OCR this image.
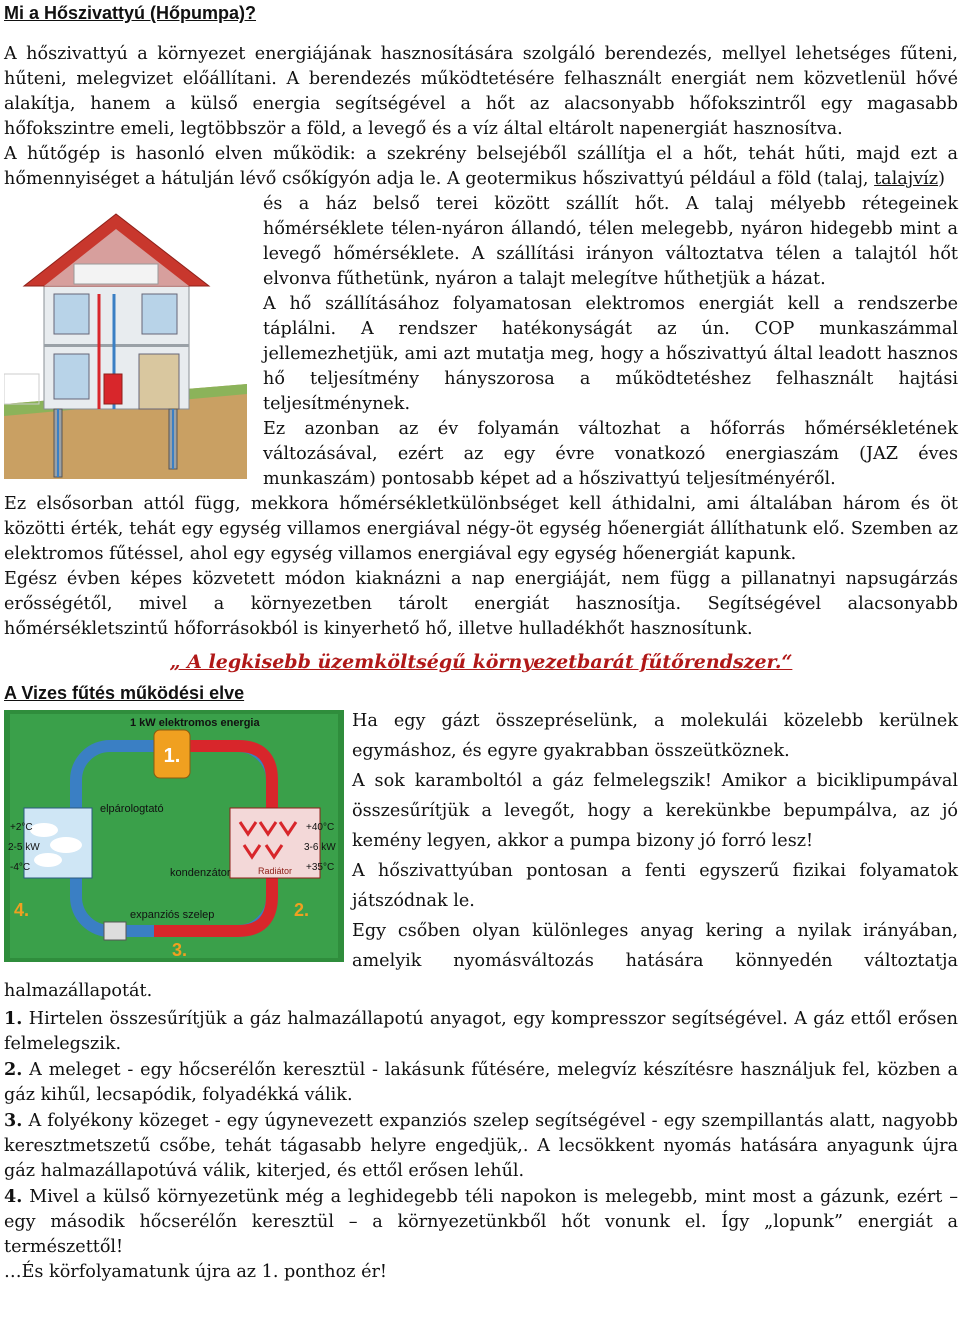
Mi a Hőszivattyú (Hőpumpa)?

A hőszivattyú a környezet energiájának hasznosítására szolgáló berendezés, mellyel lehetséges fűteni, hűteni, melegvizet előállítani. A berendezés működtetésére felhasznált energiát nem közvetlenül hővé alakítja, hanem a külső energia segítségével a hőt az alacsonyabb hőfokszintről egy magasabb hőfokszintre emeli, legtöbbször a föld, a levegő és a víz által eltárolt napenergiát hasznosítva.

A hűtőgép is hasonló elven működik: a szekrény belsejéből szállítja el a hőt, tehát hűti, majd ezt a hőmennyiséget a hátulján lévő csőkígyón adja le. A geotermikus hőszivattyú például a föld (talaj, talajvíz)

és a ház belső terei között szállít hőt. A talaj mélyebb rétegeinek hőmérséklete télen-nyáron állandó, télen melegebb, nyáron hidegebb mint a levegő hőmérséklete. A szállítási irányon változtatva télen a talajtól hőt elvonva fűthetünk, nyáron a talajt melegítve hűthetjük a házat.

A hő szállításához folyamatosan elektromos energiát kell a rendszerbe táplálni. A rendszer hatékonyságát az ún. COP munkaszámmal jellemezhetjük, ami azt mutatja meg, hogy a hőszivattyú által leadott hasznos hő teljesítmény hányszorosa a működtetéshez felhasznált hajtási teljesítménynek.

Ez azonban az év folyamán változhat a hőforrás hőmérsékletének változásával, ezért az egy évre vonatkozó energiaszám (JAZ éves munkaszám) pontosabb képet ad a hőszivattyú teljesítményéről.

Ez elsősorban attól függ, mekkora hőmérsékletkülönbséget kell áthidalni, ami általában három és öt közötti érték, tehát egy egység villamos energiával négy-öt egység hőenergiát állíthatunk elő. Szemben az elektromos fűtéssel, ahol egy egység villamos energiával egy egység hőenergiát kapunk.

Egész évben képes közvetett módon kiaknázni a nap energiáját, nem függ a pillanatnyi napsugárzás erősségétől, mivel a környezetben tárolt energiát hasznosítja. Segítségével alacsonyabb hőmérsékletszintű hőforrásokból is kinyerhető hő, illetve hulladékhőt hasznosítunk.

„ A legkisebb üzemköltségű környezetbarát fűtőrendszer.“
A Vizes fűtés működési elve
1.
1 kW elektromos energia
elpárologtató
Radiátor
kondenzátor
+2°C
2-5 kW
-4°C
+40°C
3-6 kW
+35°C
4.	2.
3.
expanziós szelep

Ha egy gázt összepréselünk, a molekulái közelebb kerülnek egymáshoz, és egyre gyakrabban összeütköznek.

A sok karamboltól a gáz felmelegszik! Amikor a biciklipumpával összesűrítjük a levegőt, hogy a kerekünkbe bepumpálva, az jó kemény legyen, akkor a pumpa bizony jó forró lesz!

A hőszivattyúban pontosan a fenti egyszerű fizikai folyamatok játszódnak le.

Egy csőben olyan különleges anyag kering a nyilak irányában, amelyik nyomásváltozás hatására könnyedén változtatja halmazállapotát.

1. Hirtelen összesűrítjük a gáz halmazállapotú anyagot, egy kompresszor segítségével. A gáz ettől erősen felmelegszik.

2. A meleget - egy hőcserélőn keresztül - lakásunk fűtésére, melegvíz készítésre használjuk fel, közben a gáz kihűl, lecsapódik, folyadékká válik.

3. A folyékony közeget - egy úgynevezett expanziós szelep segítségével - egy szempillantás alatt, nagyobb keresztmetszetű csőbe, tehát tágasabb helyre engedjük,. A lecsökkent nyomás hatására anyagunk újra gáz halmazállapotúvá válik, kiterjed, és ettől erősen lehűl.

4. Mivel a külső környezetünk még a leghidegebb téli napokon is melegebb, mint most a gázunk, ezért – egy második hőcserélőn keresztül – a környezetünkből hőt vonunk el. Így „lopunk” energiát a természettől!

…És körfolyamatunk újra az 1. ponthoz ér!
